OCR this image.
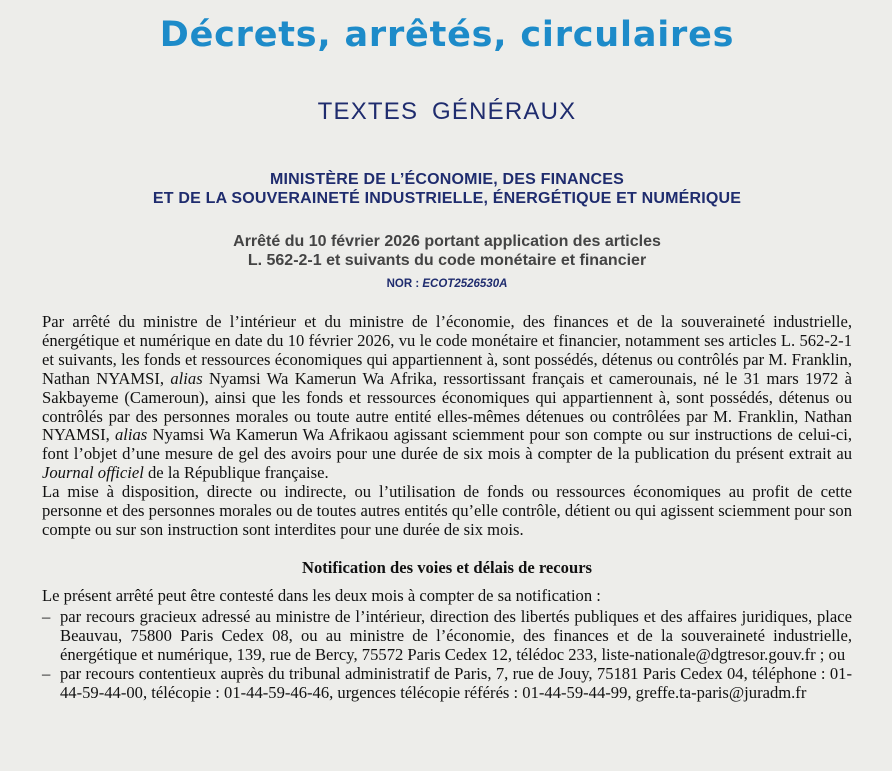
Décrets, arrêtés, circulaires
TEXTES GÉNÉRAUX
MINISTÈRE DE L’ÉCONOMIE, DES FINANCES
ET DE LA SOUVERAINETÉ INDUSTRIELLE, ÉNERGÉTIQUE ET NUMÉRIQUE
Arrêté du 10 février 2026 portant application des articles
L. 562-2-1 et suivants du code monétaire et financier
NOR : ECOT2526530A

Par arrêté du ministre de l’intérieur et du ministre de l’économie, des finances et de la souveraineté industrielle, énergétique et numérique en date du 10 février 2026, vu le code monétaire et financier, notamment ses articles L. 562-2-1 et suivants, les fonds et ressources économiques qui appartiennent à, sont possédés, détenus ou contrôlés par M. Franklin, Nathan NYAMSI, alias Nyamsi Wa Kamerun Wa Afrika, ressortissant français et camerounais, né le 31 mars 1972 à Sakbayeme (Cameroun), ainsi que les fonds et ressources économiques qui appartiennent à, sont possédés, détenus ou contrôlés par des personnes morales ou toute autre entité elles-mêmes détenues ou contrôlées par M. Franklin, Nathan NYAMSI, alias Nyamsi Wa Kamerun Wa Afrikaou agissant sciemment pour son compte ou sur instructions de celui-ci, font l’objet d’une mesure de gel des avoirs pour une durée de six mois à compter de la publication du présent extrait au Journal officiel de la République française.

La mise à disposition, directe ou indirecte, ou l’utilisation de fonds ou ressources économiques au profit de cette personne et des personnes morales ou de toutes autres entités qu’elle contrôle, détient ou qui agissent sciemment pour son compte ou sur son instruction sont interdites pour une durée de six mois.

Notification des voies et délais de recours
Le présent arrêté peut être contesté dans les deux mois à compter de sa notification :
– par recours gracieux adressé au ministre de l’intérieur, direction des libertés publiques et des affaires juridiques, place Beauvau, 75800 Paris Cedex 08, ou au ministre de l’économie, des finances et de la souveraineté industrielle, énergétique et numérique, 139, rue de Bercy, 75572 Paris Cedex 12, télédoc 233, liste-nationale@dgtresor.gouv.fr ; ou
– par recours contentieux auprès du tribunal administratif de Paris, 7, rue de Jouy, 75181 Paris Cedex 04, téléphone : 01-44-59-44-00, télécopie : 01-44-59-46-46, urgences télécopie référés : 01-44-59-44-99, greffe.ta-paris@juradm.fr
